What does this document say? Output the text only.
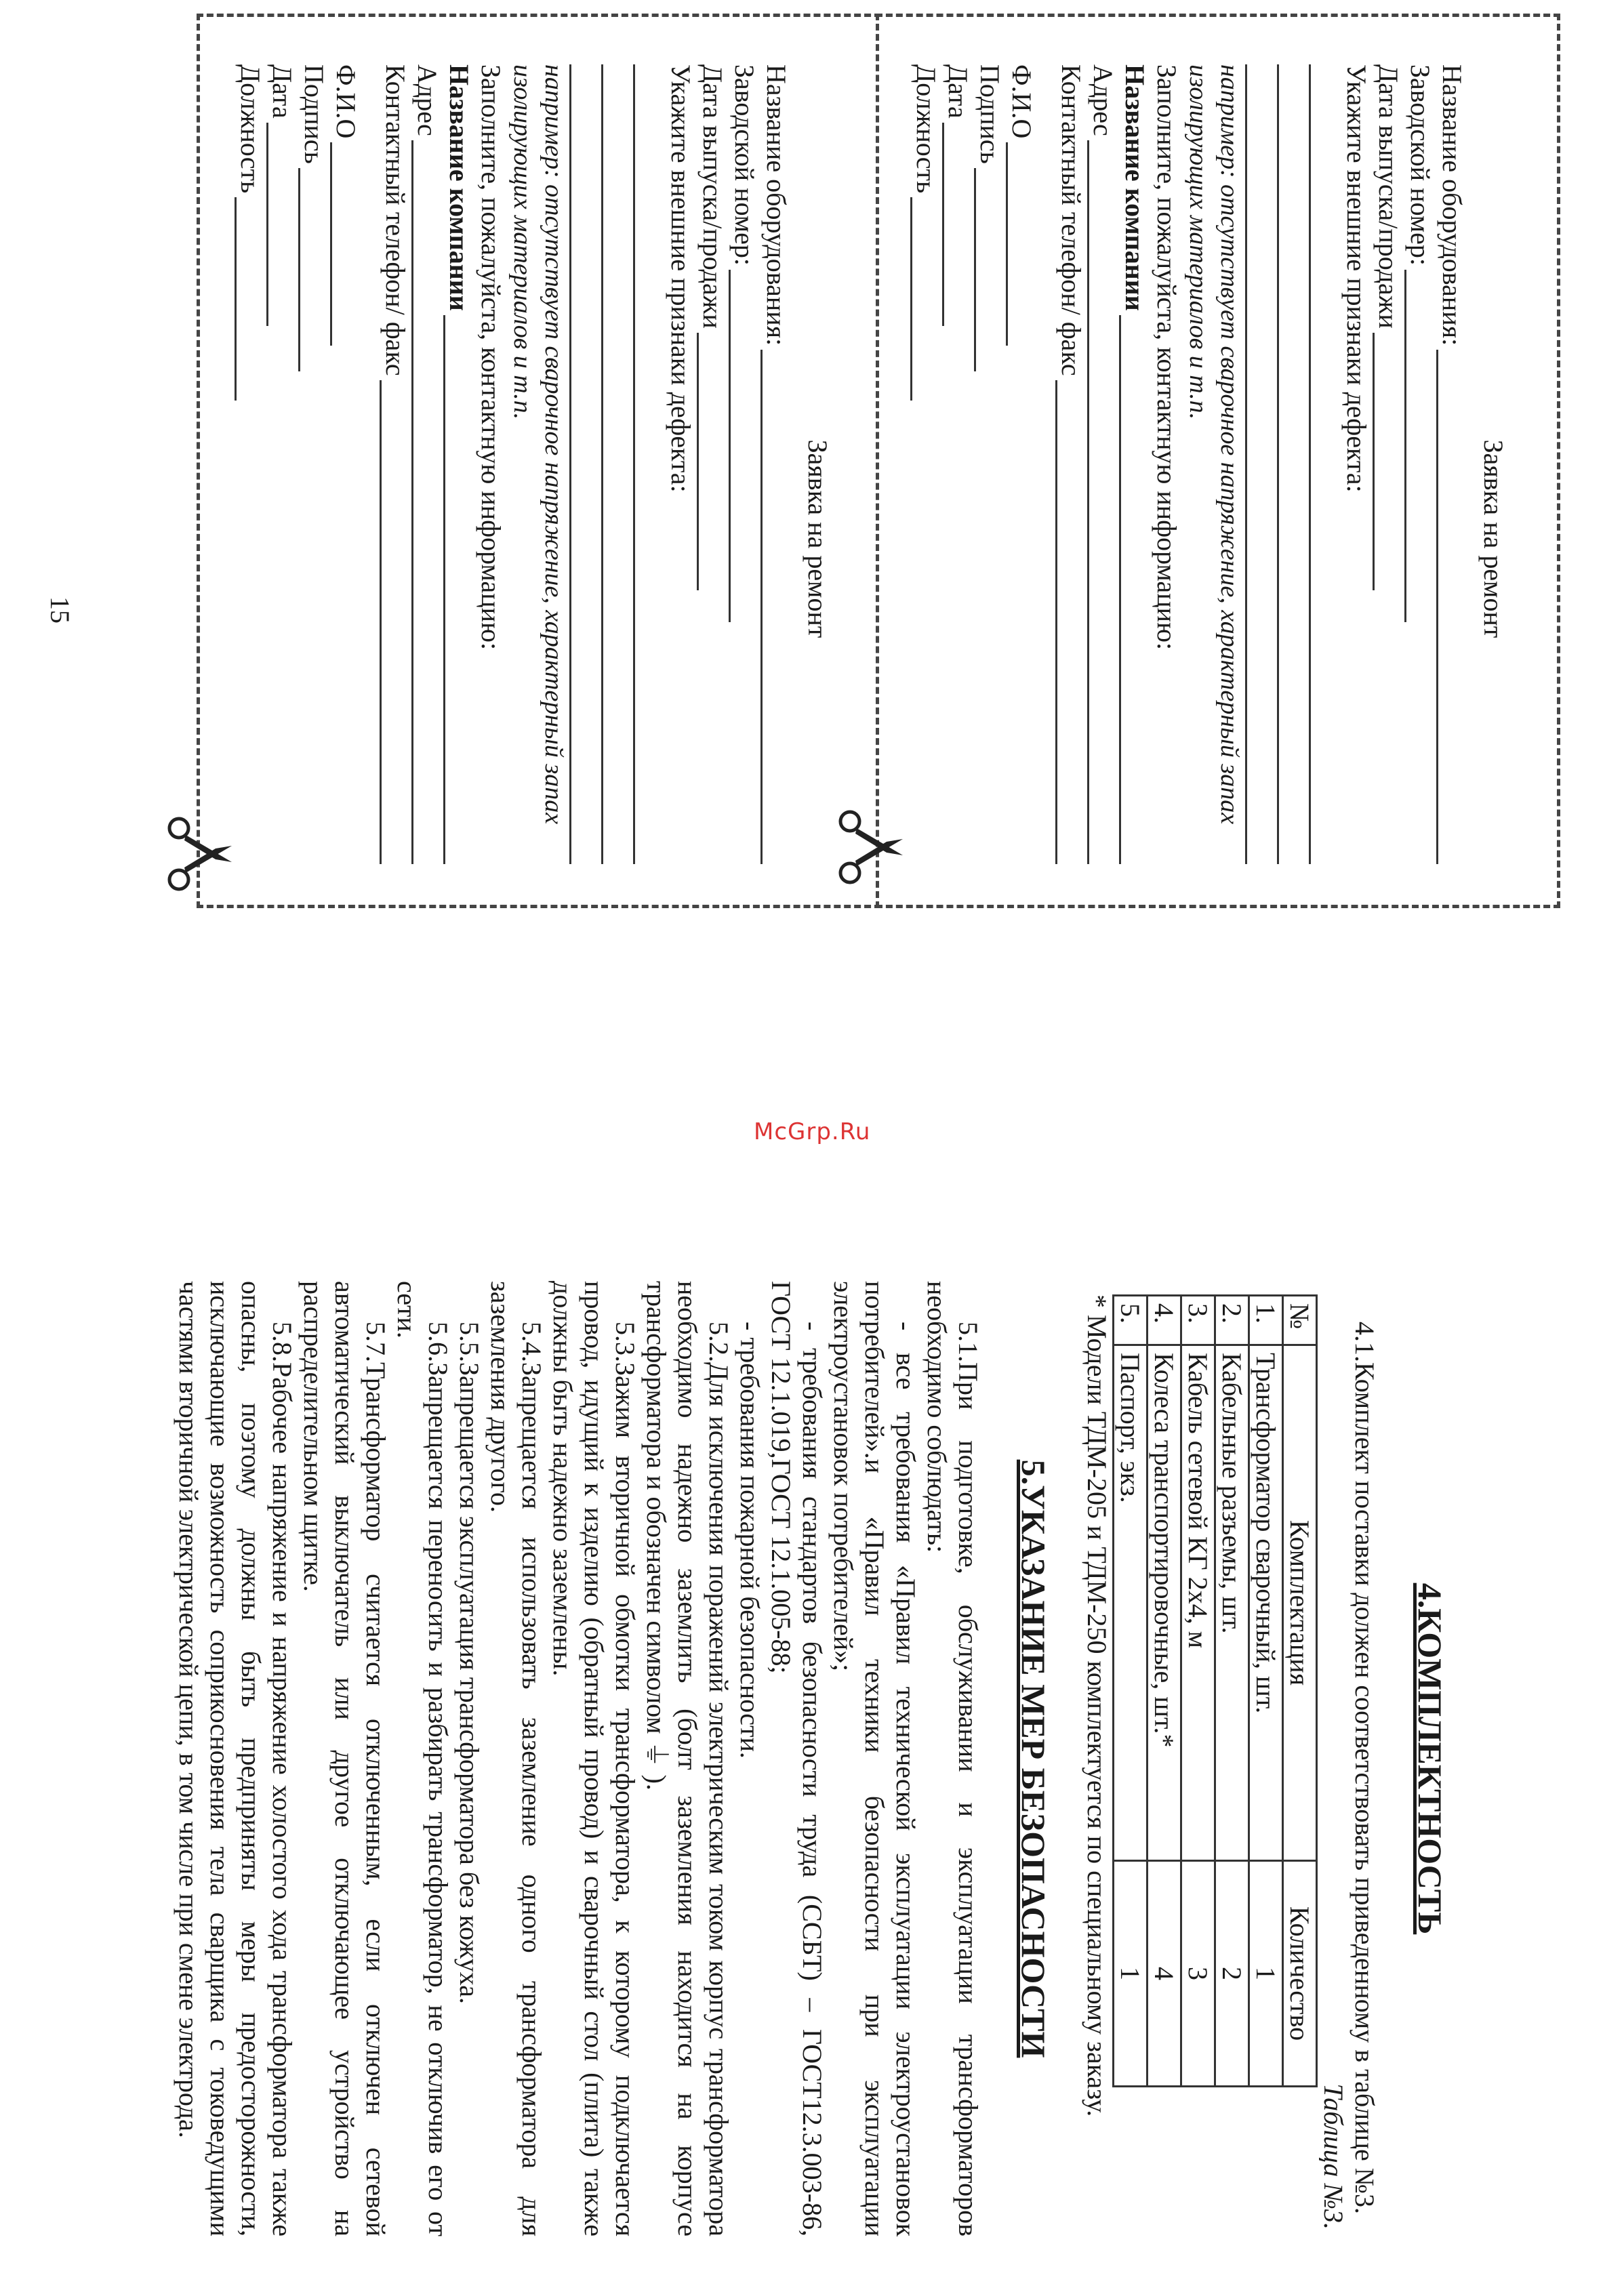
Заявка на ремонт
Название оборудования:
Заводской номер:
Дата выпуска/продажи
Укажите внешние признаки дефекта:
например: отсутствует сварочное напряжение, характерный запах изолирующих материалов и т.п.
Заполните, пожалуйста, контактную информацию:
Название компании
Адрес
Контактный телефон/ факс
Ф.И.О
Подпись
Дата
Должность
Заявка на ремонт
Название оборудования:
Заводской номер:
Дата выпуска/продажи
Укажите внешние признаки дефекта:
например: отсутствует сварочное напряжение, характерный запах изолирующих материалов и т.п.
Заполните, пожалуйста, контактную информацию:
Название компании
Адрес
Контактный телефон/ факс
Ф.И.О
Подпись
Дата
Должность
15
McGrp.Ru
4.КОМПЛЕКТНОСТЬ

4.1.Комплект поставки должен соответствовать приведенному в таблице №3.

Таблица №3.

№	Комплектация	Количество
1.	Трансформатор сварочный, шт.	1
2.	Кабельные разъемы, шт.	2
3.	Кабель сетевой КГ 2х4, м	3
4.	Колеса транспортировочные, шт.*	4
5.	Паспорт, экз.	1

* Модели ТДМ-205 и ТДМ-250 комплектуется по специальному заказу.

5.УКАЗАНИЕ МЕР БЕЗОПАСНОСТИ

5.1.При подготовке, обслуживании и эксплуатации трансформаторов необходимо соблюдать:

- все требования «Правил технической эксплуатации электроустановок потребителей».и «Правил техники безопасности при эксплуатации электроустановок потребителей»;

- требования стандартов безопасности труда (ССБТ) – ГОСТ12.3.003-86, ГОСТ 12.1.019,ГОСТ 12.1.005-88;

- требования пожарной безопасности.

5.2.Для исключения поражений электрическим током корпус трансформатора необходимо надежно заземлить (болт заземления находится на корпусе трансформатора и обозначен символом ⏚ ).

5.3.Зажим вторичной обмотки трансформатора, к которому подключается провод, идущий к изделию (обратный провод) и сварочный стол (плита) также должны быть надежно заземлены.

5.4.Запрещается использовать заземление одного трансформатора для заземления другого.

5.5.Запрещается эксплуатация трансформатора без кожуха.

5.6.Запрещается переносить и разбирать трансформатор, не отключив его от сети.

5.7.Трансформатор считается отключенным, если отключен сетевой автоматический выключатель или другое отключающее устройство на распределительном щитке.

5.8.Рабочее напряжение и напряжение холостого хода трансформатора также опасны, поэтому должны быть предприняты меры предосторожности, исключающие возможность соприкосновения тела сварщика с токоведущими частями вторичной электрической цепи, в том числе при смене электрода.
